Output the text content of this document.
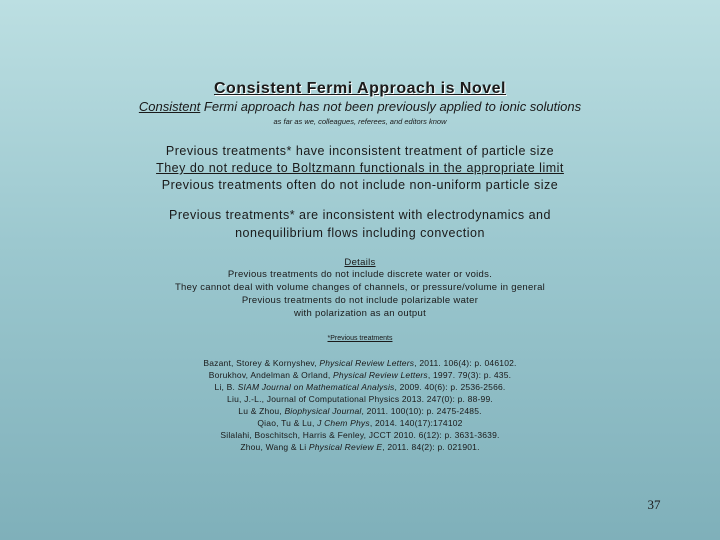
Consistent Fermi Approach is Novel
Consistent Fermi approach has not been previously applied to ionic solutions
as far as we, colleagues, referees, and editors know
Previous treatments* have inconsistent treatment of particle size
They do not reduce to Boltzmann functionals in the appropriate limit
Previous treatments often do not include non-uniform particle size
Previous treatments* are inconsistent with electrodynamics and
nonequilibrium flows including convection
Details
Previous treatments do not include discrete water or voids.
They cannot deal with volume changes of channels, or pressure/volume in general
Previous treatments do not include polarizable water
with polarization as an output
*Previous treatments
Bazant, Storey & Kornyshev, Physical Review Letters, 2011. 106(4): p. 046102.
Borukhov, Andelman & Orland, Physical Review Letters, 1997. 79(3): p. 435.
Li, B. SIAM Journal on Mathematical Analysis, 2009. 40(6): p. 2536-2566.
Liu, J.-L., Journal of Computational Physics 2013. 247(0): p. 88-99.
Lu & Zhou, Biophysical Journal, 2011. 100(10): p. 2475-2485.
Qiao, Tu & Lu, J Chem Phys, 2014. 140(17):174102
Silalahi, Boschitsch, Harris & Fenley, JCCT 2010. 6(12): p. 3631-3639.
Zhou, Wang & Li Physical Review E, 2011. 84(2): p. 021901.
37
